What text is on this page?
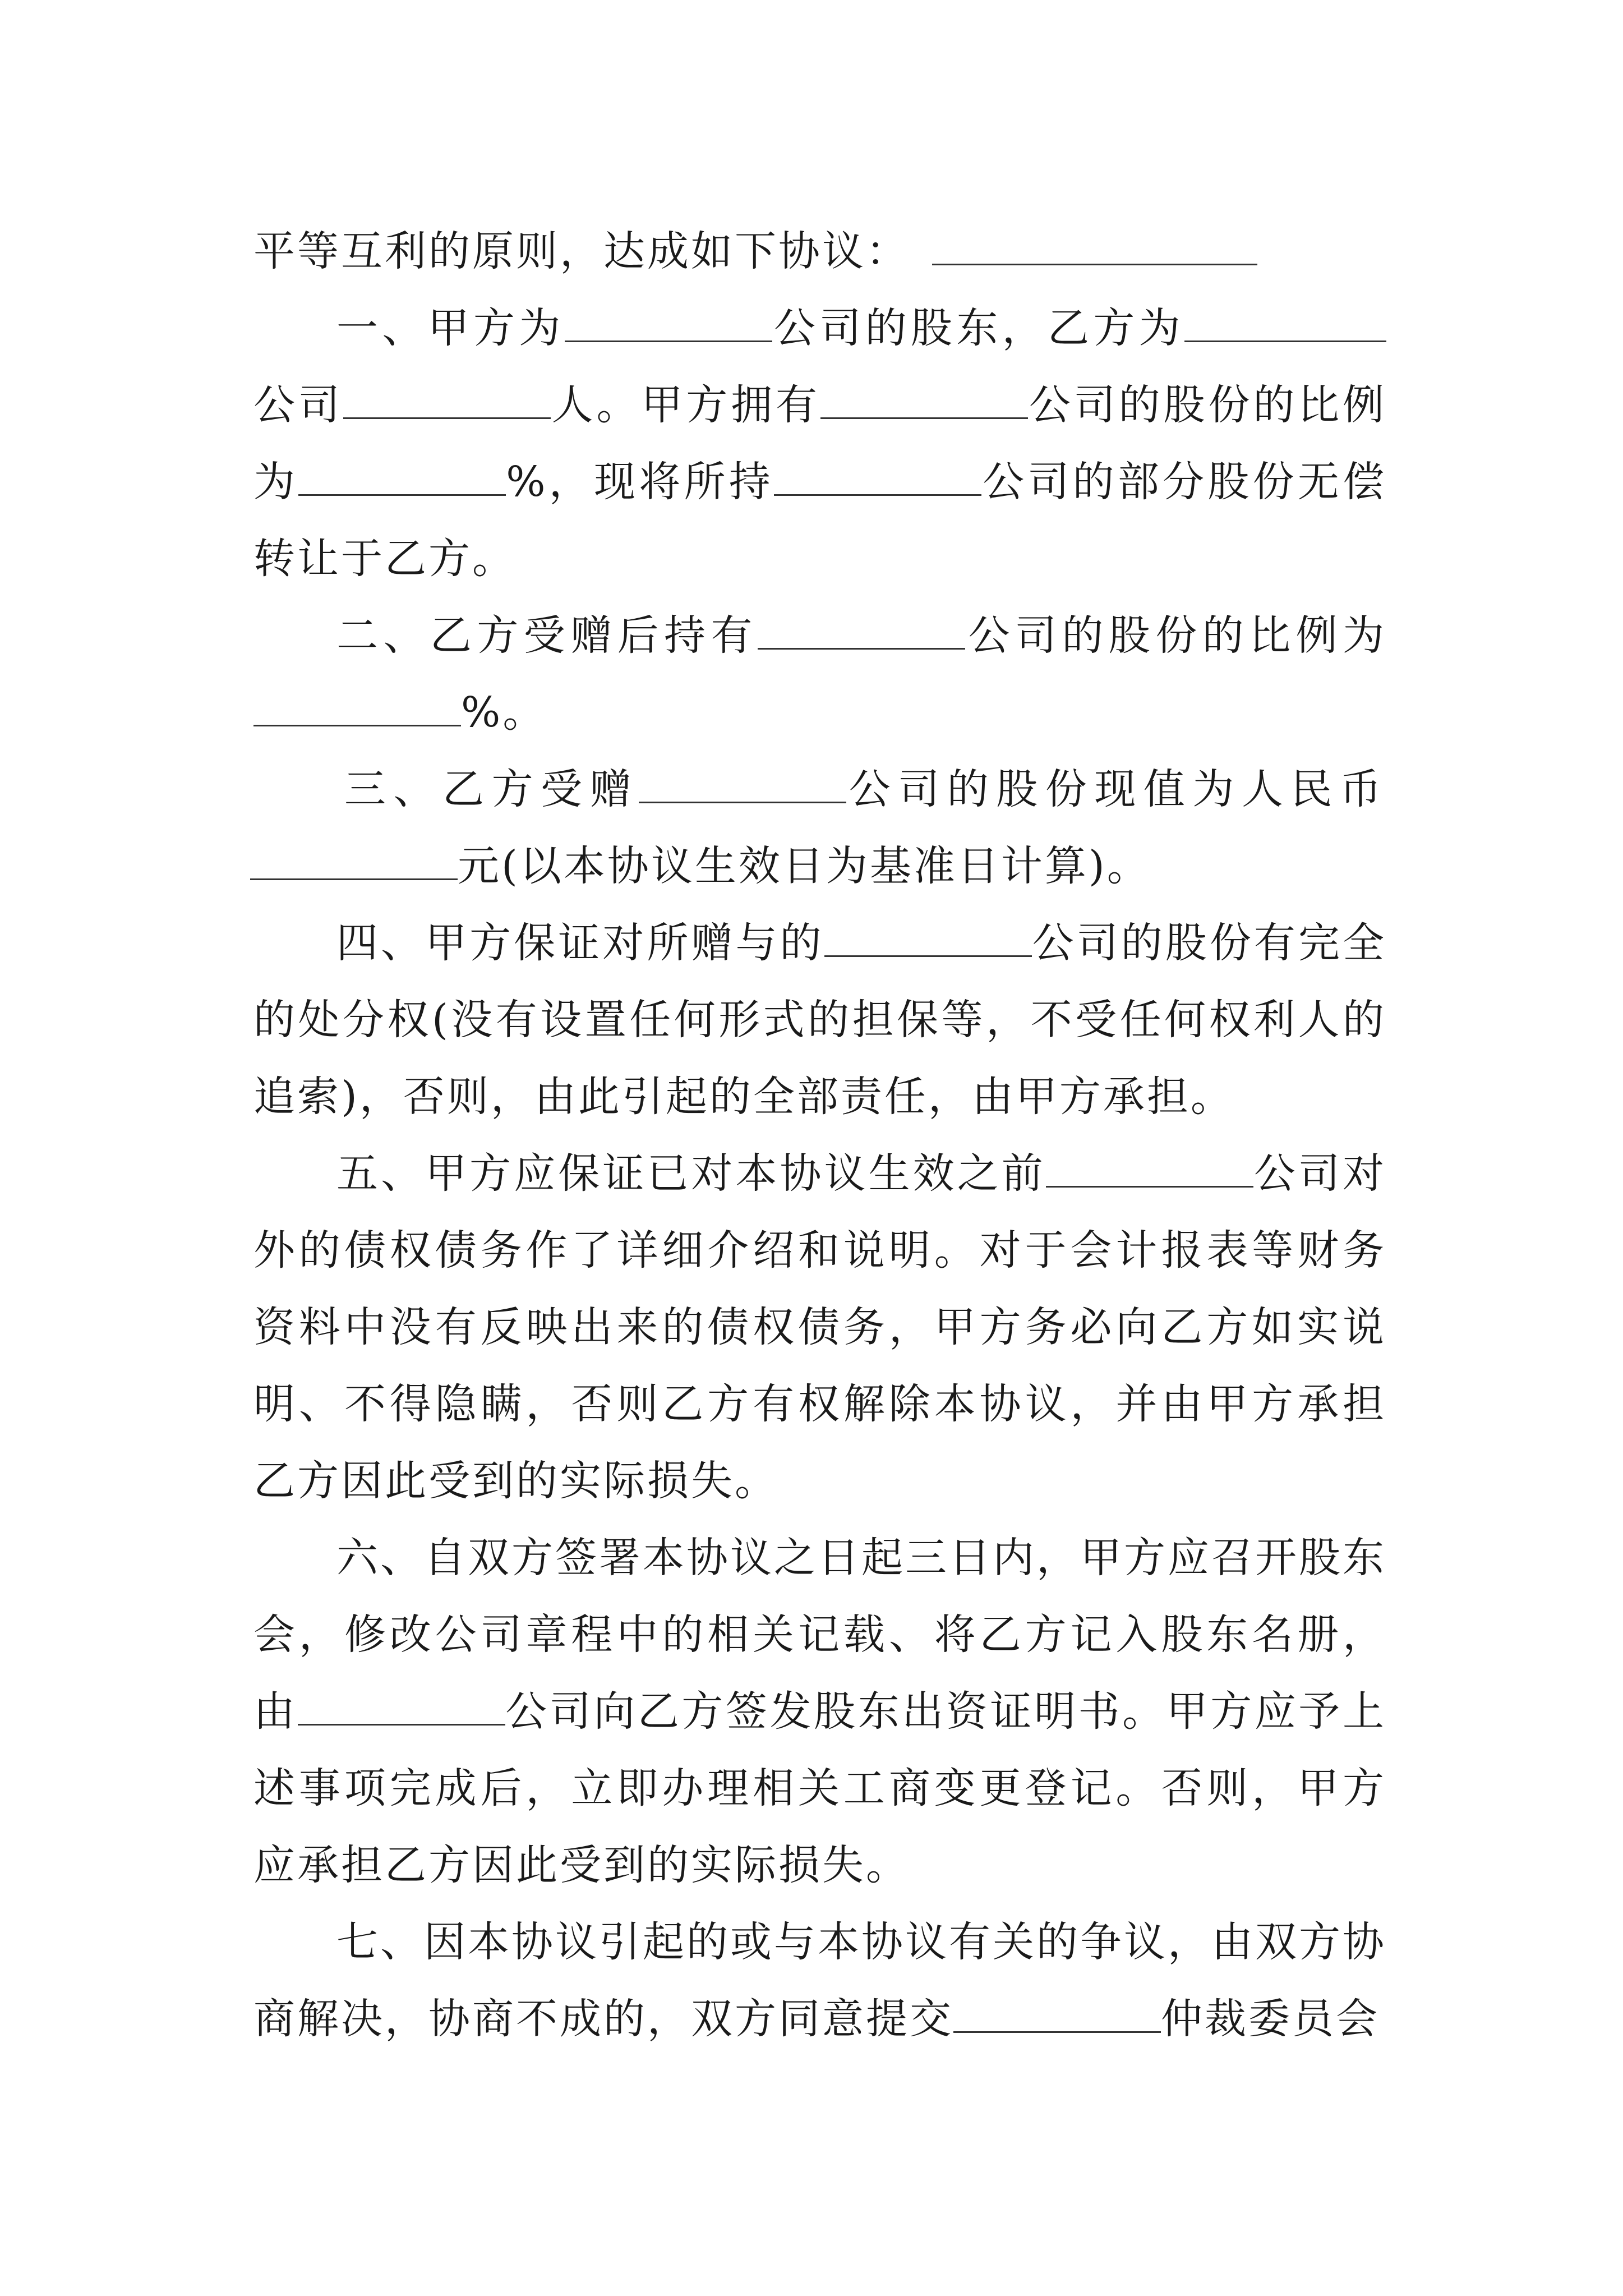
平等互利的原则，达成如下协议：

一、甲方为	公司的股东，乙方为公司	人。甲方拥有	公司的股份的比例为	%，现将所持	公司的部分股份无偿转让于乙方。

二、乙方受赠后持有	公司的股份的比例为%。

三、乙方受赠	公司的股份现值为人民币元(以本协议生效日为基准日计算)。

四、甲方保证对所赠与的	公司的股份有完全的处分权(没有设置任何形式的担保等，不受任何权利人的追索)，否则，由此引起的全部责任，由甲方承担。

五、甲方应保证已对本协议生效之前	公司对外的债权债务作了详细介绍和说明。对于会计报表等财务资料中没有反映出来的债权债务，甲方务必向乙方如实说明、不得隐瞒，否则乙方有权解除本协议，并由甲方承担乙方因此受到的实际损失。

六、自双方签署本协议之日起三日内，甲方应召开股东会，修改公司章程中的相关记载、将乙方记入股东名册，由	公司向乙方签发股东出资证明书。甲方应予上述事项完成后，立即办理相关工商变更登记。否则，甲方应承担乙方因此受到的实际损失。

七、因本协议引起的或与本协议有关的争议，由双方协商解决，协商不成的，双方同意提交	仲裁委员会
